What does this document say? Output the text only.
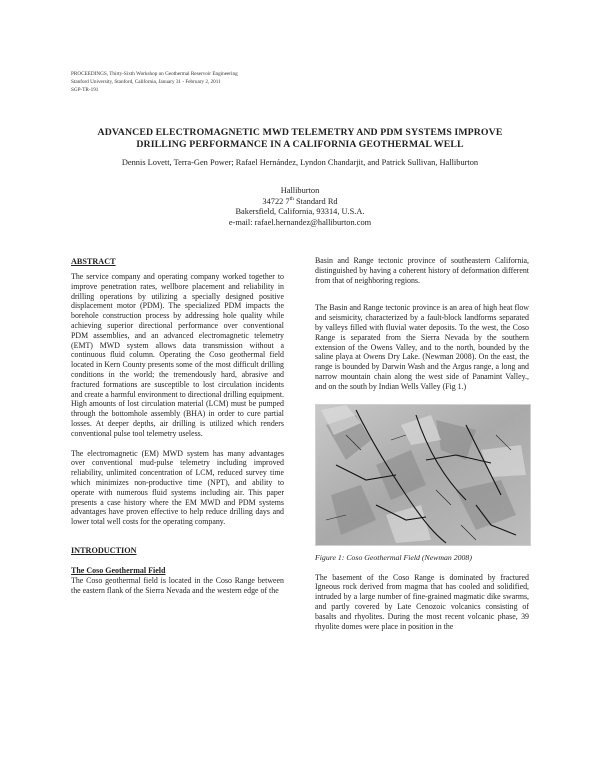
PROCEEDINGS, Thirty-Sixth Workshop on Geothermal Reservoir Engineering
Stanford University, Stanford, California, January 31 - February 2, 2011
SGP-TR-191
ADVANCED ELECTROMAGNETIC MWD TELEMETRY AND PDM SYSTEMS IMPROVE
DRILLING PERFORMANCE IN A CALIFORNIA GEOTHERMAL WELL
Dennis Lovett, Terra-Gen Power; Rafael Hernández, Lyndon Chandarjit, and Patrick Sullivan, Halliburton
Halliburton
34722 7th Standard Rd
Bakersfield, California, 93314, U.S.A.
e-mail: rafael.hernandez@halliburton.com
ABSTRACT

The service company and operating company worked together to improve penetration rates, wellbore placement and reliability in drilling operations by utilizing a specially designed positive displacement motor (PDM). The specialized PDM impacts the borehole construction process by addressing hole quality while achieving superior directional performance over conventional PDM assemblies, and an advanced electromagnetic telemetry (EMT) MWD system allows data transmission without a continuous fluid column. Operating the Coso geothermal field located in Kern County presents some of the most difficult drilling conditions in the world; the tremendously hard, abrasive and fractured formations are susceptible to lost circulation incidents and create a harmful environment to directional drilling equipment. High amounts of lost circulation material (LCM) must be pumped through the bottomhole assembly (BHA) in order to cure partial losses. At deeper depths, air drilling is utilized which renders conventional pulse tool telemetry useless.

The electromagnetic (EM) MWD system has many advantages over conventional mud-pulse telemetry including improved reliability, unlimited concentration of LCM, reduced survey time which minimizes non-productive time (NPT), and ability to operate with numerous fluid systems including air. This paper presents a case history where the EM MWD and PDM systems advantages have proven effective to help reduce drilling days and lower total well costs for the operating company.

INTRODUCTION
The Coso Geothermal Field

The Coso geothermal field is located in the Coso Range between the eastern flank of the Sierra Nevada and the western edge of the

Basin and Range tectonic province of southeastern California, distinguished by having a coherent history of deformation different from that of neighboring regions.

The Basin and Range tectonic province is an area of high heat flow and seismicity, characterized by a fault-block landforms separated by valleys filled with fluvial water deposits. To the west, the Coso Range is separated from the Sierra Nevada by the southern extension of the Owens Valley, and to the north, bounded by the saline playa at Owens Dry Lake. (Newman 2008). On the east, the range is bounded by Darwin Wash and the Argus range, a long and narrow mountain chain along the west side of Panamint Valley., and on the south by Indian Wells Valley (Fig 1.)

Figure 1: Coso Geothermal Field (Newman 2008)

The basement of the Coso Range is dominated by fractured Igneous rock derived from magma that has cooled and solidified, intruded by a large number of fine-grained magmatic dike swarms, and partly covered by Late Cenozoic volcanics consisting of basalts and rhyolites. During the most recent volcanic phase, 39 rhyolite domes were place in position in the
